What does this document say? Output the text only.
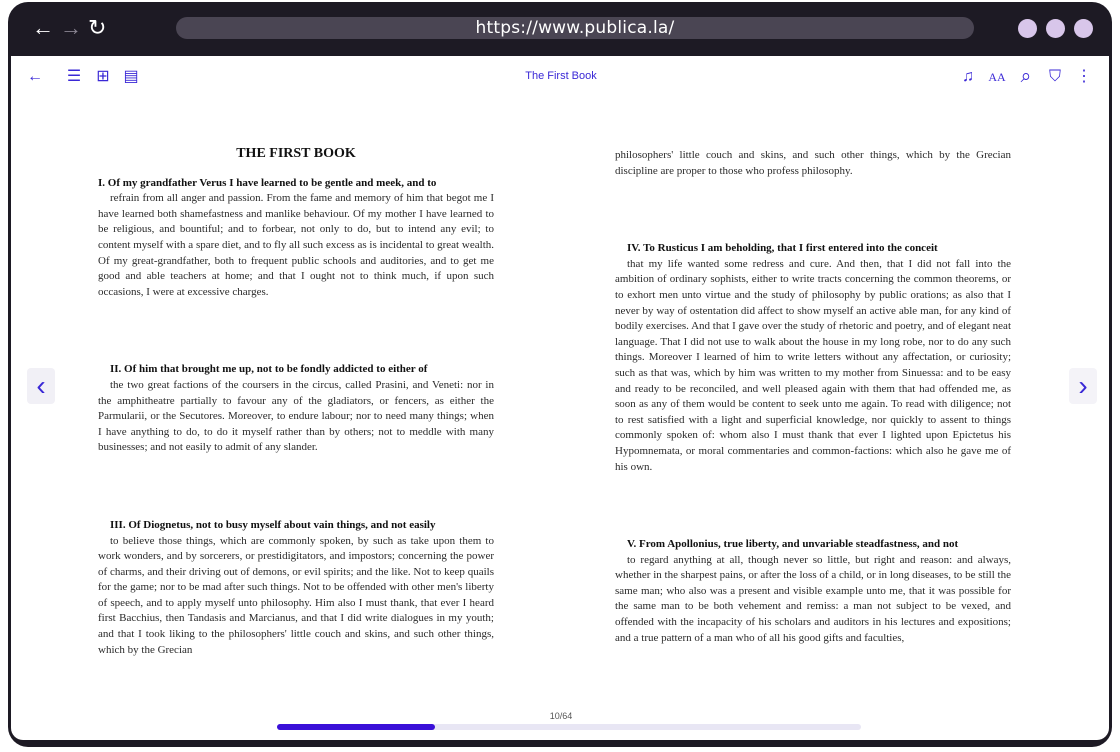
← → ↻	https://www.publica.la/
← ☰ ⊞ ▤	The First Book	♫	AA ⌕ ⛉ ⋮
‹	›
THE FIRST BOOK
I. Of my grandfather Verus I have learned to be gentle and meek, and to
refrain from all anger and passion. From the fame and memory of him that begot me I have learned both shamefastness and manlike behaviour. Of my mother I have learned to be religious, and bountiful; and to forbear, not only to do, but to intend any evil; to content myself with a spare diet, and to fly all such excess as is incidental to great wealth. Of my great-grandfather, both to frequent public schools and auditories, and to get me good and able teachers at home; and that I ought not to think much, if upon such occasions, I were at excessive charges.
II. Of him that brought me up, not to be fondly addicted to either of
the two great factions of the coursers in the circus, called Prasini, and Veneti: nor in the amphitheatre partially to favour any of the gladiators, or fencers, as either the Parmularii, or the Secutores. Moreover, to endure labour; nor to need many things; when I have anything to do, to do it myself rather than by others; not to meddle with many businesses; and not easily to admit of any slander.
III. Of Diognetus, not to busy myself about vain things, and not easily
to believe those things, which are commonly spoken, by such as take upon them to work wonders, and by sorcerers, or prestidigitators, and impostors; concerning the power of charms, and their driving out of demons, or evil spirits; and the like. Not to keep quails for the game; nor to be mad after such things. Not to be offended with other men's liberty of speech, and to apply myself unto philosophy. Him also I must thank, that ever I heard first Bacchius, then Tandasis and Marcianus, and that I did write dialogues in my youth; and that I took liking to the philosophers' little couch and skins, and such other things, which by the Grecian
philosophers' little couch and skins, and such other things, which by the Grecian discipline are proper to those who profess philosophy.
IV. To Rusticus I am beholding, that I first entered into the conceit
that my life wanted some redress and cure. And then, that I did not fall into the ambition of ordinary sophists, either to write tracts concerning the common theorems, or to exhort men unto virtue and the study of philosophy by public orations; as also that I never by way of ostentation did affect to show myself an active able man, for any kind of bodily exercises. And that I gave over the study of rhetoric and poetry, and of elegant neat language. That I did not use to walk about the house in my long robe, nor to do any such things. Moreover I learned of him to write letters without any affectation, or curiosity; such as that was, which by him was written to my mother from Sinuessa: and to be easy and ready to be reconciled, and well pleased again with them that had offended me, as soon as any of them would be content to seek unto me again. To read with diligence; not to rest satisfied with a light and superficial knowledge, nor quickly to assent to things commonly spoken of: whom also I must thank that ever I lighted upon Epictetus his Hypomnemata, or moral commentaries and common-factions: which also he gave me of his own.
V. From Apollonius, true liberty, and unvariable steadfastness, and not
to regard anything at all, though never so little, but right and reason: and always, whether in the sharpest pains, or after the loss of a child, or in long diseases, to be still the same man; who also was a present and visible example unto me, that it was possible for the same man to be both vehement and remiss: a man not subject to be vexed, and offended with the incapacity of his scholars and auditors in his lectures and expositions; and a true pattern of a man who of all his good gifts and faculties,
10/64
